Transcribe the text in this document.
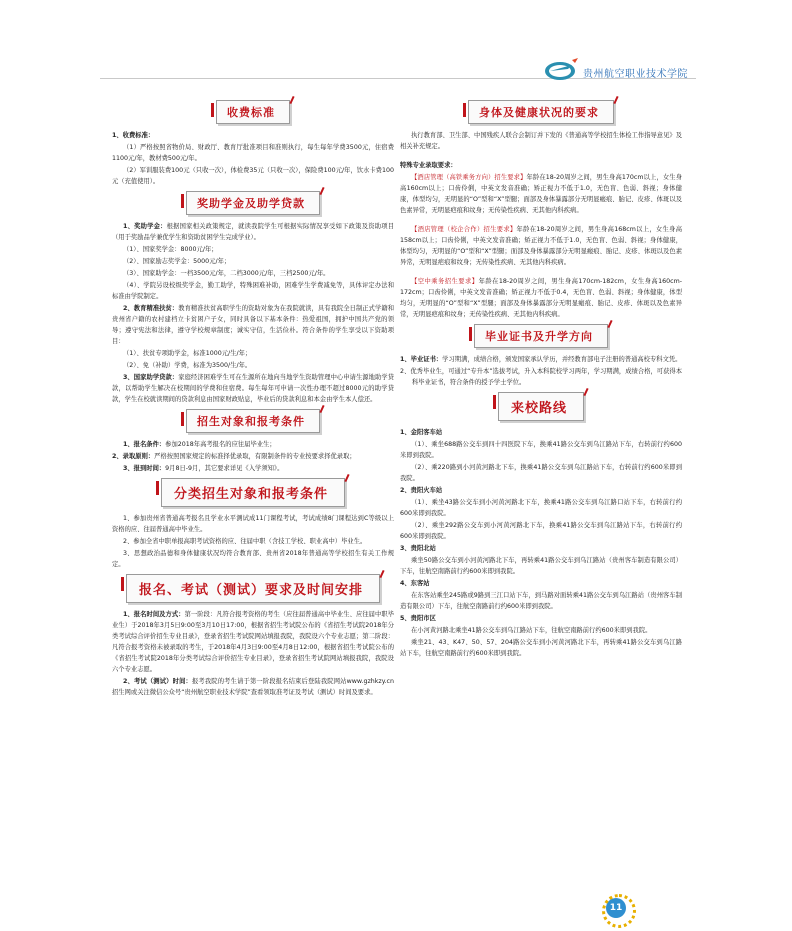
贵州航空职业技术学院
收费标准

1、收费标准：

（1）严格按照省物价局、财政厅、教育厅批准项目和准则执行，每生每年学费3500元，住宿费1100元/年，教材费500元/年。

（2）军训服装费100元（只收一次），体检费35元（只收一次），保险费100元/年，饮水卡费100元（充值使用）。

奖助学金及助学贷款

1、奖助学金：根据国家相关政策规定，就读我院学生可根据实际情况享受如下政策及资助项目（用于奖励品学兼优学生和资助贫困学生完成学业）。

（1）、国家奖学金：8000元/年；

（2）、国家励志奖学金：5000元/年；

（3）、国家助学金：一档3500元/年，二档3000元/年，三档2500元/年。

（4）、学院另设校级奖学金，勤工助学，特殊困难补助，困难学生学费减免等，具体评定办法和标准由学院制定。

2、教育精准扶贫：教育精准扶贫高职学生的资助对象为在我院就读，具有我院全日制正式学籍和贵州省户籍的农村建档立卡贫困户子女，同时具备以下基本条件：热爱祖国，拥护中国共产党的领导；遵守宪法和法律，遵守学校规章制度；诚实守信，生活俭朴。符合条件的学生享受以下资助项目：

（1）、扶贫专项助学金，标准1000元/生/年；

（2）、免（补助）学费，标准为3500/生/年。

3、国家助学贷款：家庭经济困难学生可在生源所在地向当地学生资助管理中心申请生源地助学贷款，以帮助学生解决在校期间的学费和住宿费。每生每年可申请一次性办理不超过8000元的助学贷款，学生在校就读期间的贷款利息由国家财政贴息，毕业后的贷款利息和本金由学生本人偿还。

招生对象和报考条件

1、报名条件：参加2018年高考报名的应往届毕业生；

2、录取原则：严格按照国家规定的标准择优录取，有限制条件的专业按要求择优录取；

3、报到时间：9月8日-9月，其它要求详见《入学须知》。

分类招生对象和报考条件

1、参加贵州省普通高考报名且学业水平测试成11门课程考试，考试成绩8门课程达到C等级以上资格的应、往届普通高中毕业生。

2、参加全省中职单报高职考试资格的应、往届中职（含技工学校、职业高中）毕业生。

3、思想政治品德和身体健康状况均符合教育部、贵州省2018年普通高等学校招生有关工作规定。

报名、考试（测试）要求及时间安排

1、报名时间及方式：第一阶段：凡符合报考资格的考生（应往届普通高中毕业生、应往届中职毕业生）于2018年3月5日9:00至3月10日17:00，根据省招生考试院公布的《省招生考试院2018年分类考试综合评价招生专业目录》，登录省招生考试院网站填报我院，我院设六个专业志愿；第二阶段：凡符合报考资格未被录取的考生，于2018年4月3日9:00至4月8日12:00，根据省招生考试院公布的《省招生考试院2018年分类考试综合评价招生专业目录》，登录省招生考试院网站填报我院，我院设六个专业志愿。

2、考试（测试）时间：报考我院的考生请于第一阶段报名结束后登陆我院网站www.gzhkzy.cn招生网或关注微信公众号“贵州航空职业技术学院”查看领取准考证及考试（测试）时间及要求。

身体及健康状况的要求

执行教育部、卫生部、中国残疾人联合会制订并下发的《普通高等学校招生体检工作指导意见》及相关补充规定。

特殊专业录取要求：

【酒店管理（高铁乘务方向）招生要求】年龄在18-20周岁之间，男生身高170cm以上，女生身高160cm以上；口齿伶俐，中英文发音准确；矫正视力不低于1.0，无色盲、色弱、斜视；身体健康，体型均匀，无明显的“O”型和“X”型腿；面部及身体暴露部分无明显瘢痕、胎记、皮疹、体斑以及色素异常，无明显疤痕和纹身；无传染性疾病、无其他内科疾病。

【酒店管理（校企合作）招生要求】年龄在18-20周岁之间，男生身高168cm以上，女生身高158cm以上；口齿伶俐，中英文发音准确；矫正视力不低于1.0，无色盲、色弱、斜视；身体健康，体型均匀，无明显的“O”型和“X”型腿；面部及身体暴露部分无明显瘢痕、胎记、皮疹、体斑以及色素异常，无明显疤痕和纹身；无传染性疾病、无其他内科疾病。

【空中乘务招生要求】年龄在18-20周岁之间，男生身高170cm-182cm，女生身高160cm-172cm；口齿伶俐，中英文发音准确；矫正视力不低于0.4，无色盲、色弱、斜视；身体健康，体型均匀，无明显的“O”型和“X”型腿；面部及身体暴露部分无明显瘢痕、胎记、皮疹、体斑以及色素异常，无明显疤痕和纹身；无传染性疾病、无其他内科疾病。

毕业证书及升学方向

1、毕业证书：学习期满，成绩合格，颁发国家承认学历，并经教育部电子注册的普通高校专科文凭。

2、优秀毕业生，可通过“专升本”选拔考试，升入本科院校学习两年，学习期满，成绩合格，可获得本科毕业证书，符合条件的授予学士学位。

来校路线

1、金阳客车站

（1）、乘坐688路公交车到四十四医院下车，换乘41路公交车到乌江路站下车，右转前行约600米即到我院。

（2）、乘220路到小河黄河路北下车，换乘41路公交车到乌江路站下车，右转前行约600米即到我院。

2、贵阳火车站

（1）、乘坐43路公交车到小河黄河路北下车，换乘41路公交车到乌江路口站下车，右转前行约600米即到我院。

（2）、乘坐292路公交车到小河黄河路北下车，换乘41路公交车到乌江路站下车，右转前行约600米即到我院。

3、贵阳北站

乘坐50路公交车到小河黄河路北下车，再转乘41路公交车到乌江路站（贵州客车制造有限公司）下车，往航空南路前行约600米即到我院。

4、东客站

在东客站乘坐245路或9路到三江口站下车，到马路对面转乘41路公交车到乌江路站（贵州客车制造有限公司）下车，往航空南路前行约600米即到我院。

5、贵阳市区

在小河黄河路北乘坐41路公交车到乌江路站下车，往航空南路前行约600米即到我院。

乘坐21、43、K47、50、57、204路公交车到小河黄河路北下车，再转乘41路公交车到乌江路站下车，往航空南路前行约600米即到我院。

11
